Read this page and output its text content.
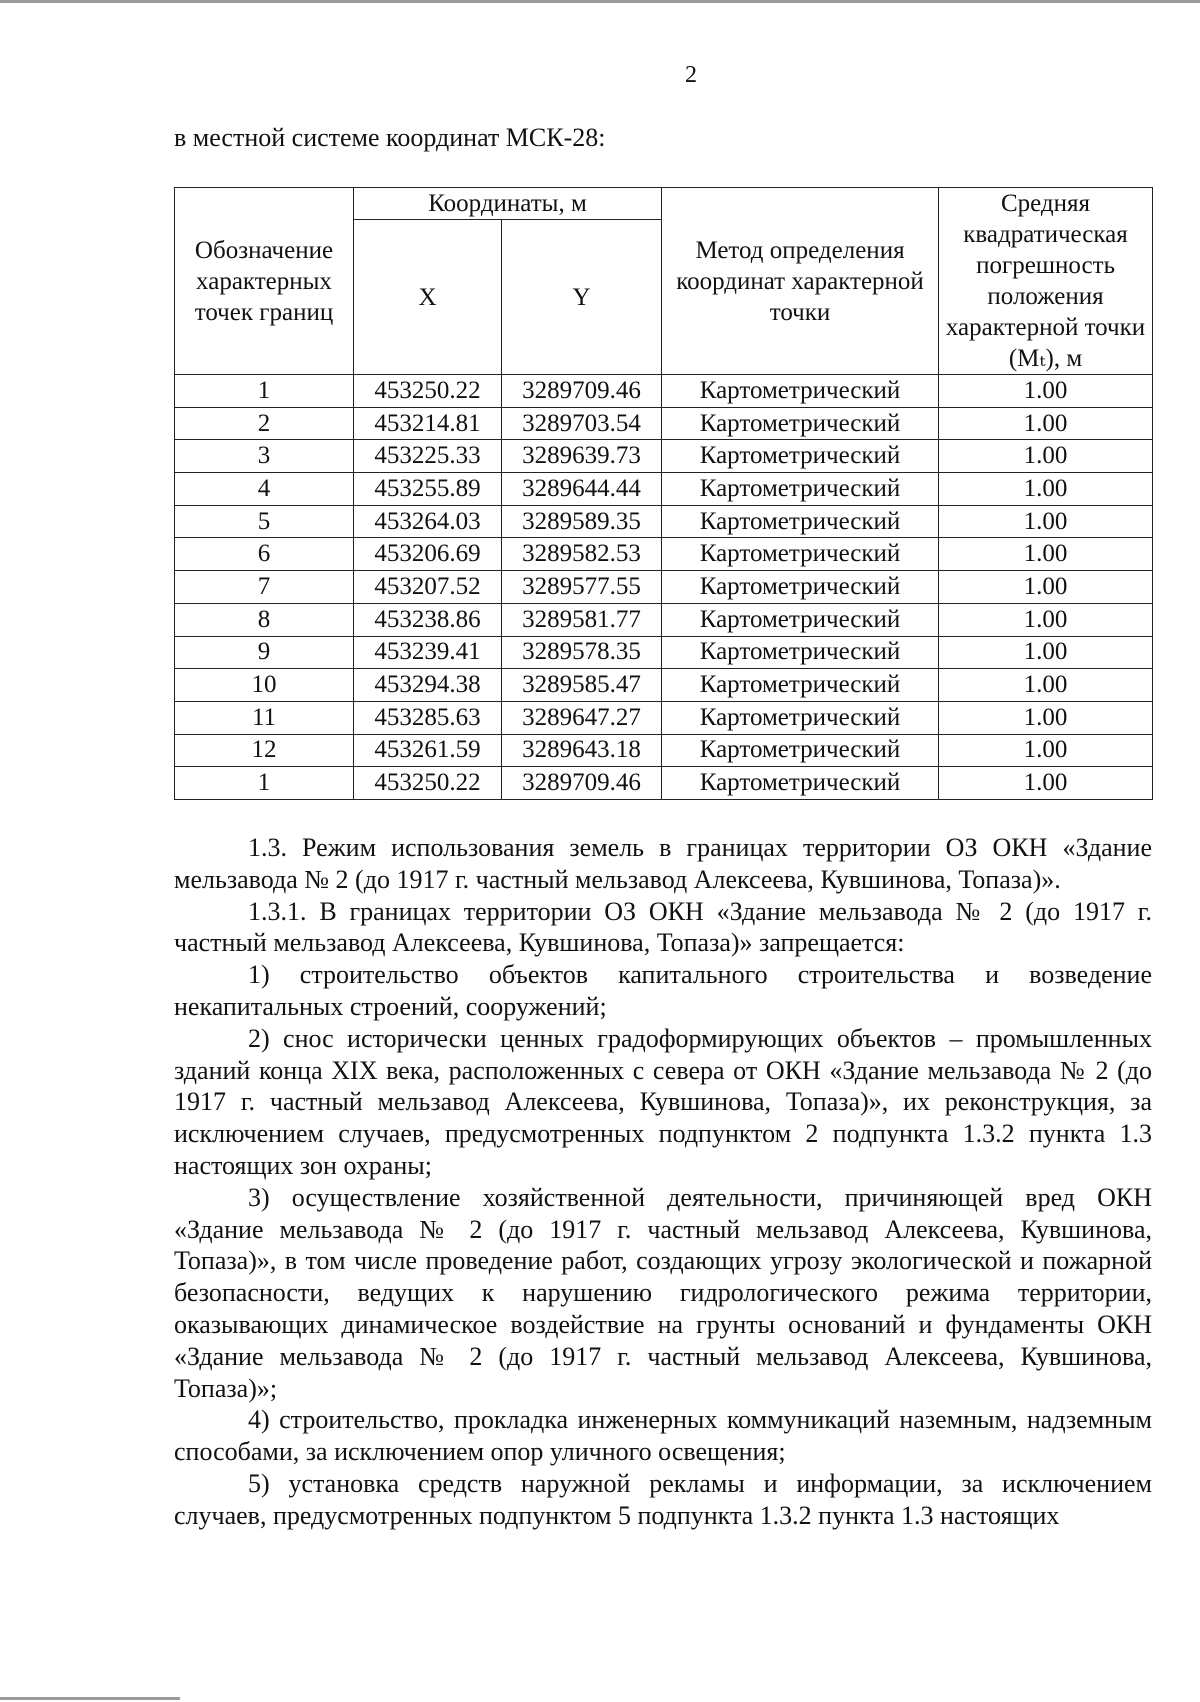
2
в местной системе координат МСК-28:
Обозначение характерных точек границ	Координаты, м		Метод определения координат характерной точки	Средняя квадратическая погрешность положения характерной точки (Mₜ), м
	X	Y		
1	453250.22	3289709.46	Картометрический	1.00
2	453214.81	3289703.54	Картометрический	1.00
3	453225.33	3289639.73	Картометрический	1.00
4	453255.89	3289644.44	Картометрический	1.00
5	453264.03	3289589.35	Картометрический	1.00
6	453206.69	3289582.53	Картометрический	1.00
7	453207.52	3289577.55	Картометрический	1.00
8	453238.86	3289581.77	Картометрический	1.00
9	453239.41	3289578.35	Картометрический	1.00
10	453294.38	3289585.47	Картометрический	1.00
11	453285.63	3289647.27	Картометрический	1.00
12	453261.59	3289643.18	Картометрический	1.00
1	453250.22	3289709.46	Картометрический	1.00

1.3. Режим использования земель в границах территории ОЗ ОКН «Здание мельзавода № 2 (до 1917 г. частный мельзавод Алексеева, Кувшинова, Топаза)».

1.3.1. В границах территории ОЗ ОКН «Здание мельзавода № 2 (до 1917 г. частный мельзавод Алексеева, Кувшинова, Топаза)» запрещается:

1) строительство объектов капитального строительства и возведение некапитальных строений, сооружений;

2) снос исторически ценных градоформирующих объектов – промышленных зданий конца XIX века, расположенных с севера от ОКН «Здание мельзавода № 2 (до 1917 г. частный мельзавод Алексеева, Кувшинова, Топаза)», их реконструкция, за исключением случаев, предусмотренных подпунктом 2 подпункта 1.3.2 пункта 1.3 настоящих зон охраны;

3) осуществление хозяйственной деятельности, причиняющей вред ОКН «Здание мельзавода № 2 (до 1917 г. частный мельзавод Алексеева, Кувшинова, Топаза)», в том числе проведение работ, создающих угрозу экологической и пожарной безопасности, ведущих к нарушению гидрологического режима территории, оказывающих динамическое воздействие на грунты оснований и фундаменты ОКН «Здание мельзавода № 2 (до 1917 г. частный мельзавод Алексеева, Кувшинова, Топаза)»;

4) строительство, прокладка инженерных коммуникаций наземным, надземным способами, за исключением опор уличного освещения;

5) установка средств наружной рекламы и информации, за исключением случаев, предусмотренных подпунктом 5 подпункта 1.3.2 пункта 1.3 настоящих
